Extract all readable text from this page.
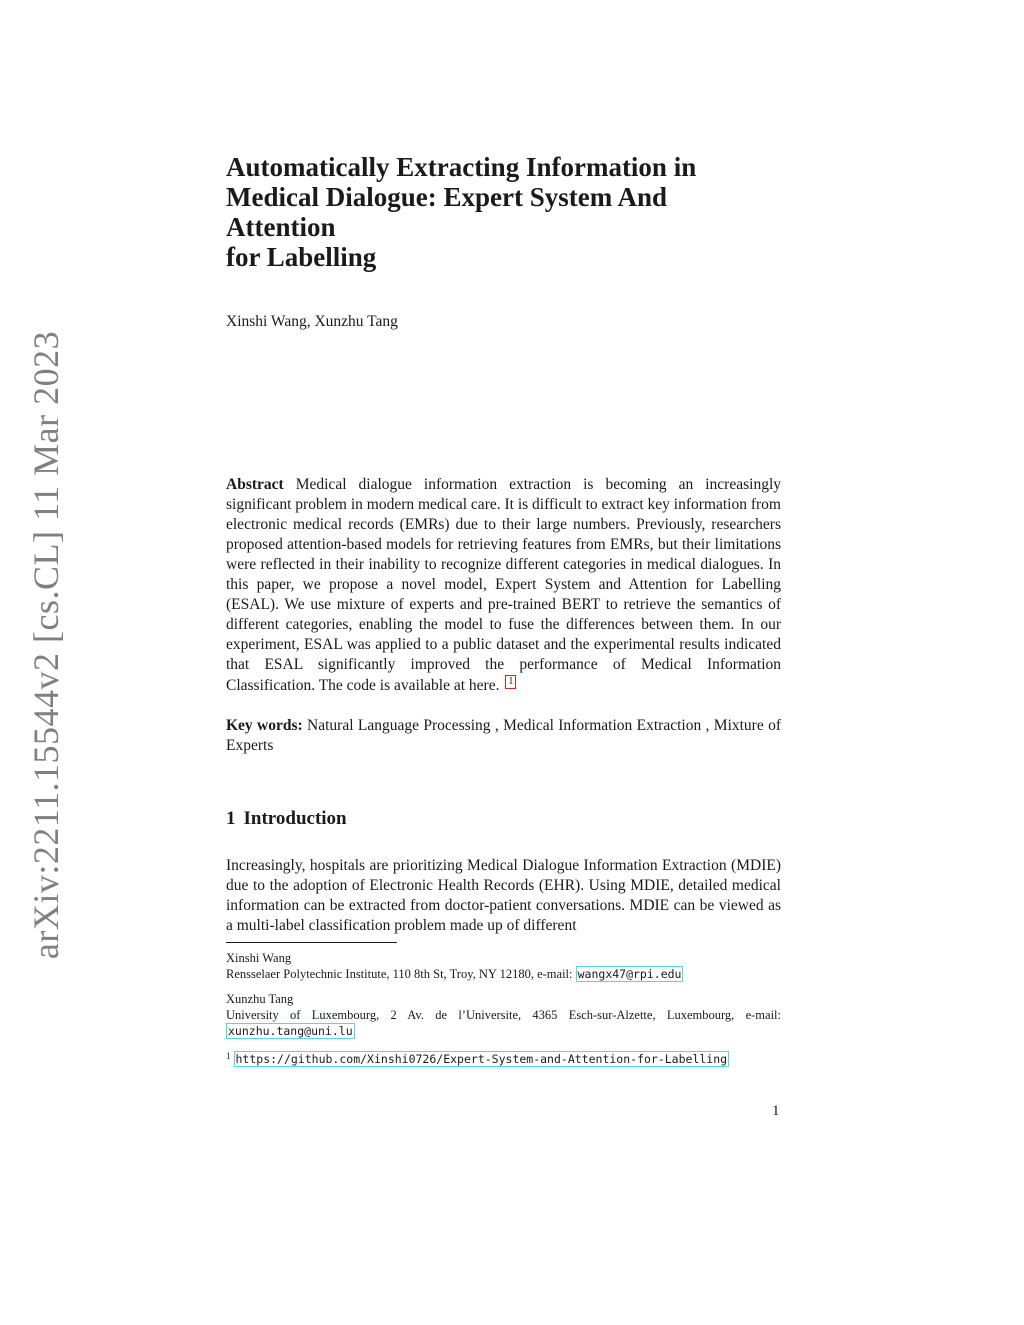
arXiv:2211.15544v2 [cs.CL] 11 Mar 2023
Automatically Extracting Information in
Medical Dialogue: Expert System And Attention
for Labelling
Xinshi Wang, Xunzhu Tang
Abstract Medical dialogue information extraction is becoming an increasingly significant problem in modern medical care. It is difficult to extract key information from electronic medical records (EMRs) due to their large numbers. Previously, researchers proposed attention-based models for retrieving features from EMRs, but their limitations were reflected in their inability to recognize different categories in medical dialogues. In this paper, we propose a novel model, Expert System and Attention for Labelling (ESAL). We use mixture of experts and pre-trained BERT to retrieve the semantics of different categories, enabling the model to fuse the differences between them. In our experiment, ESAL was applied to a public dataset and the experimental results indicated that ESAL significantly improved the performance of Medical Information Classification. The code is available at here. 1
Key words: Natural Language Processing , Medical Information Extraction , Mixture of Experts
1 Introduction
Increasingly, hospitals are prioritizing Medical Dialogue Information Extraction (MDIE) due to the adoption of Electronic Health Records (EHR). Using MDIE, detailed medical information can be extracted from doctor-patient conversations. MDIE can be viewed as a multi-label classification problem made up of different
Xinshi Wang
Rensselaer Polytechnic Institute, 110 8th St, Troy, NY 12180, e-mail: wangx47@rpi.edu
Xunzhu Tang
University of Luxembourg, 2 Av. de l’Universite, 4365 Esch-sur-Alzette, Luxembourg, e-mail: xunzhu.tang@uni.lu
$^1$ https://github.com/Xinshi0726/Expert-System-and-Attention-for-Labelling
1
